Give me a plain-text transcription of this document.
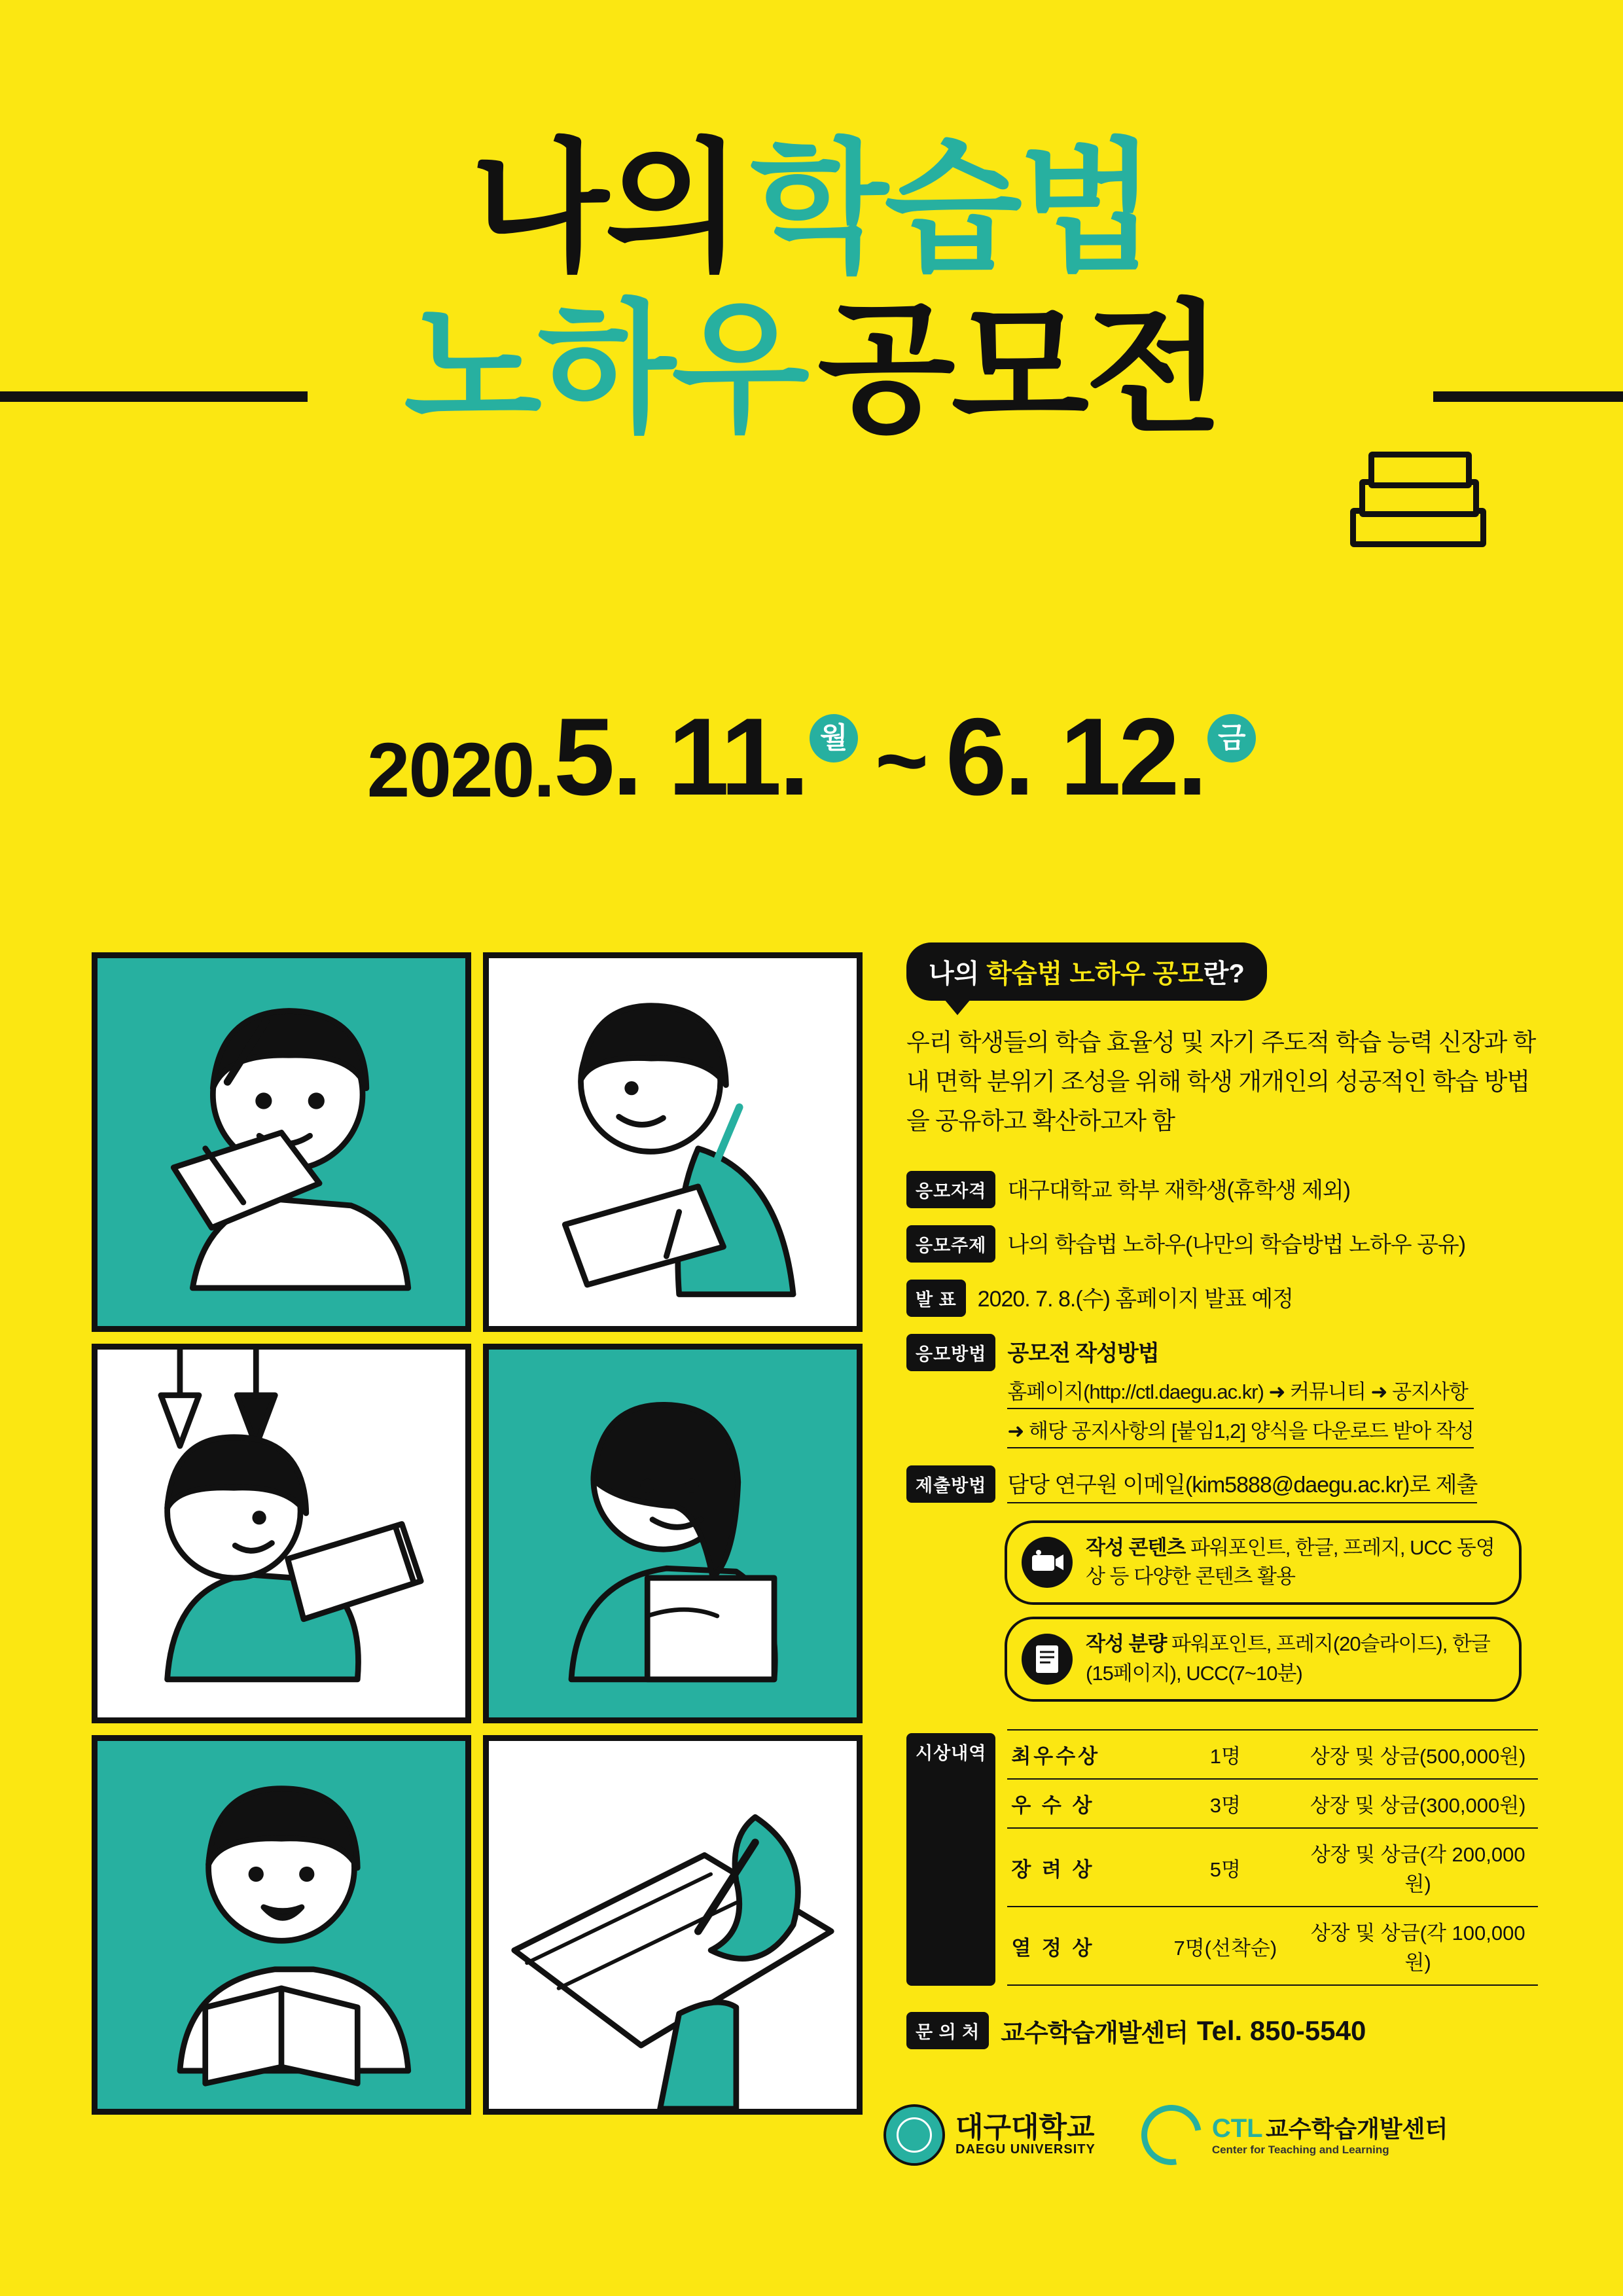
나의 학습법
노하우 공모전
2020. 5. 11. 월 ~ 6. 12. 금
나의 학습법 노하우 공모란?
우리 학생들의 학습 효율성 및 자기 주도적 학습 능력 신장과 학내 면학 분위기 조성을 위해 학생 개개인의 성공적인 학습 방법을 공유하고 확산하고자 함
응모자격 대구대학교 학부 재학생(휴학생 제외)
응모주제 나의 학습법 노하우(나만의 학습방법 노하우 공유)
발 표 2020. 7. 8.(수) 홈페이지 발표 예정
응모방법 공모전 작성방법
홈페이지(http://ctl.daegu.ac.kr) ➜ 커뮤니티 ➜ 공지사항
➜ 해당 공지사항의 [붙임1,2] 양식을 다운로드 받아 작성
제출방법 담당 연구원 이메일(kim5888@daegu.ac.kr)로 제출
작성 콘텐츠 파워포인트, 한글, 프레지, UCC 동영상 등 다양한 콘텐츠 활용
작성 분량 파워포인트, 프레지(20슬라이드), 한글(15페이지), UCC(7~10분)
시상내역	최우수상	1명	상장 및 상금(500,000원)
우 수 상	3명	상장 및 상금(300,000원)
장 려 상	5명	상장 및 상금(각 200,000원)
열 정 상	7명(선착순)	상장 및 상금(각 100,000원)
문 의 처 교수학습개발센터 Tel. 850-5540
대구대학교
DAEGU UNIVERSITY
CTL 교수학습개발센터
Center for Teaching and Learning
